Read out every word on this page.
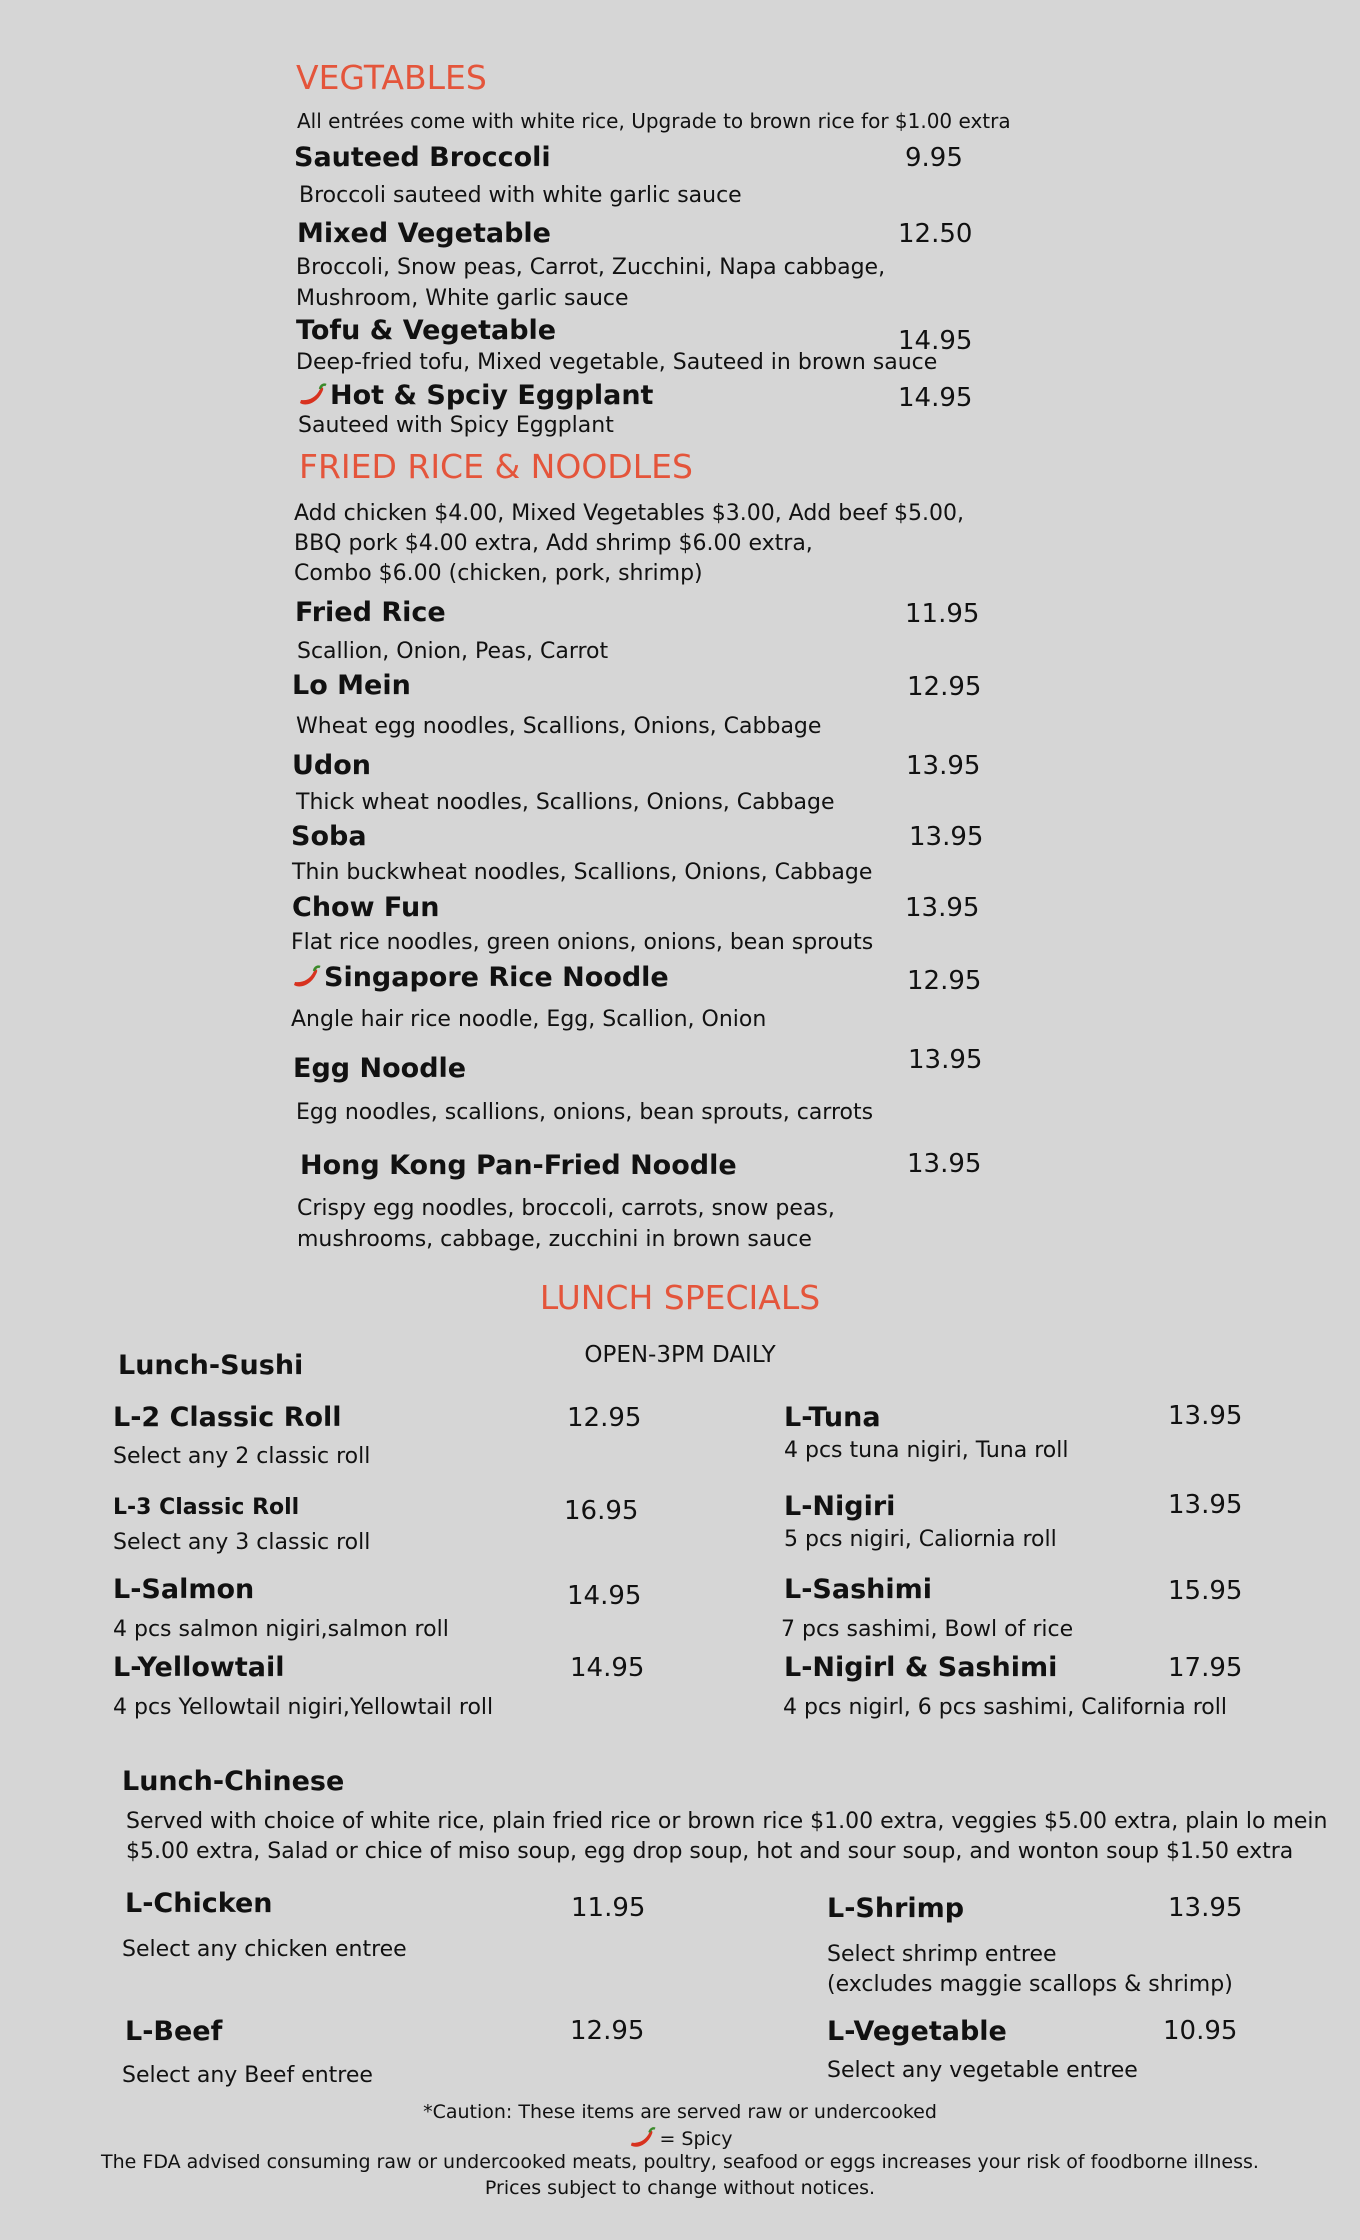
VEGTABLES
All entrées come with white rice, Upgrade to brown rice for $1.00 extra
Sauteed Broccoli	9.95
Broccoli sauteed with white garlic sauce
Mixed Vegetable	12.50
Broccoli, Snow peas, Carrot, Zucchini, Napa cabbage,
Mushroom, White garlic sauce
Tofu & Vegetable	14.95
Deep-fried tofu, Mixed vegetable, Sauteed in brown sauce
Hot & Spciy Eggplant	14.95
Sauteed with Spicy Eggplant
FRIED RICE & NOODLES
Add chicken $4.00, Mixed Vegetables $3.00, Add beef $5.00,
BBQ pork $4.00 extra, Add shrimp $6.00 extra,
Combo $6.00 (chicken, pork, shrimp)
Fried Rice	11.95
Scallion, Onion, Peas, Carrot
Lo Mein	12.95
Wheat egg noodles, Scallions, Onions, Cabbage
Udon	13.95
Thick wheat noodles, Scallions, Onions, Cabbage
Soba	13.95
Thin buckwheat noodles, Scallions, Onions, Cabbage
Chow Fun	13.95
Flat rice noodles, green onions, onions, bean sprouts
Singapore Rice Noodle	12.95
Angle hair rice noodle, Egg, Scallion, Onion
Egg Noodle	13.95
Egg noodles, scallions, onions, bean sprouts, carrots
Hong Kong Pan-Fried Noodle	13.95
Crispy egg noodles, broccoli, carrots, snow peas,
mushrooms, cabbage, zucchini in brown sauce
LUNCH SPECIALS
OPEN-3PM DAILY
Lunch-Sushi
L-2 Classic Roll	12.95
Select any 2 classic roll
L-3 Classic Roll	16.95
Select any 3 classic roll
L-Salmon	14.95
4 pcs salmon nigiri,salmon roll
L-Yellowtail	14.95
4 pcs Yellowtail nigiri,Yellowtail roll
L-Tuna	13.95
4 pcs tuna nigiri, Tuna roll
L-Nigiri	13.95
5 pcs nigiri, Caliornia roll
L-Sashimi	15.95
7 pcs sashimi, Bowl of rice
L-Nigirl & Sashimi	17.95
4 pcs nigirl, 6 pcs sashimi, California roll
Lunch-Chinese
Served with choice of white rice, plain fried rice or brown rice $1.00 extra, veggies $5.00 extra, plain lo mein
$5.00 extra, Salad or chice of miso soup, egg drop soup, hot and sour soup, and wonton soup $1.50 extra
L-Chicken	11.95
Select any chicken entree
L-Beef	12.95
Select any Beef entree
L-Shrimp	13.95
Select shrimp entree
(excludes maggie scallops & shrimp)
L-Vegetable	10.95
Select any vegetable entree
*Caution: These items are served raw or undercooked
= Spicy
The FDA advised consuming raw or undercooked meats, poultry, seafood or eggs increases your risk of foodborne illness.
Prices subject to change without notices.
